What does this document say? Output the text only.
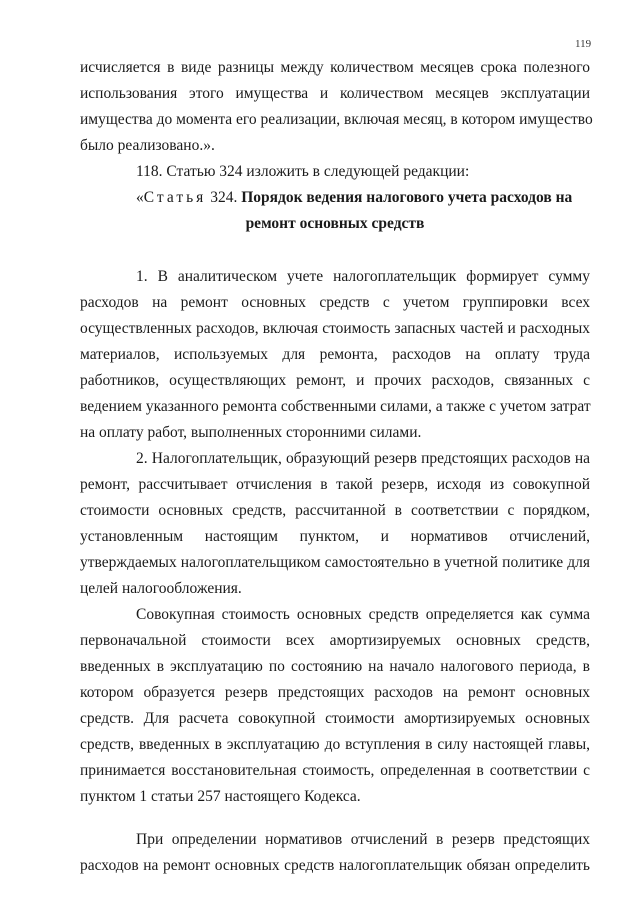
119
исчисляется в виде разницы между количеством месяцев срока полезного
использования этого имущества и количеством месяцев эксплуатации
имущества до момента его реализации, включая месяц, в котором имущество
было реализовано.».
118. Статью 324 изложить в следующей редакции:
«Статья 324. Порядок ведения налогового учета расходов на
ремонт основных средств
1. В аналитическом учете налогоплательщик формирует сумму
расходов на ремонт основных средств с учетом группировки всех
осуществленных расходов, включая стоимость запасных частей и расходных
материалов, используемых для ремонта, расходов на оплату труда
работников, осуществляющих ремонт, и прочих расходов, связанных с
ведением указанного ремонта собственными силами, а также с учетом затрат
на оплату работ, выполненных сторонними силами.
2. Налогоплательщик, образующий резерв предстоящих расходов на
ремонт, рассчитывает отчисления в такой резерв, исходя из совокупной
стоимости основных средств, рассчитанной в соответствии с порядком,
установленным настоящим пунктом, и нормативов отчислений,
утверждаемых налогоплательщиком самостоятельно в учетной политике для
целей налогообложения.
Совокупная стоимость основных средств определяется как сумма
первоначальной стоимости всех амортизируемых основных средств,
введенных в эксплуатацию по состоянию на начало налогового периода, в
котором образуется резерв предстоящих расходов на ремонт основных
средств. Для расчета совокупной стоимости амортизируемых основных
средств, введенных в эксплуатацию до вступления в силу настоящей главы,
принимается восстановительная стоимость, определенная в соответствии с
пунктом 1 статьи 257 настоящего Кодекса.
При определении нормативов отчислений в резерв предстоящих
расходов на ремонт основных средств налогоплательщик обязан определить
